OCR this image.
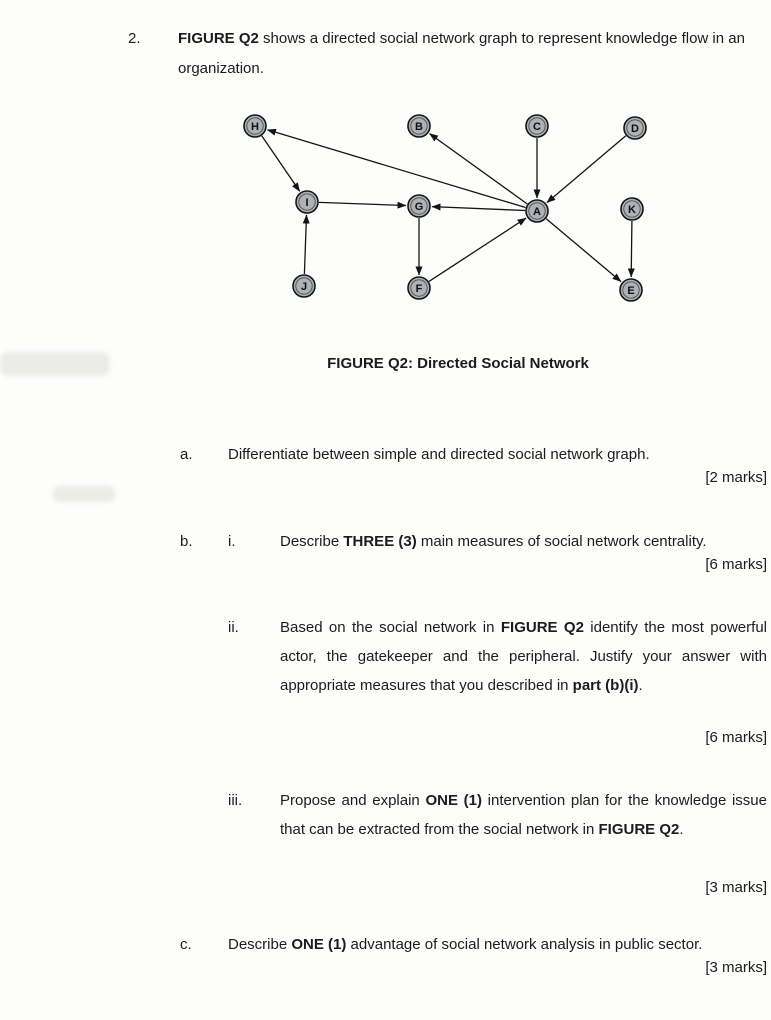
2. FIGURE Q2 shows a directed social network graph to represent knowledge flow in an organization.
H	B	C	D
I	G	A	K
J	F	E
FIGURE Q2: Directed Social Network
a. Differentiate between simple and directed social network graph.
[2 marks]
b. i.	Describe THREE (3) main measures of social network centrality.
[6 marks]
ii.	Based on the social network in FIGURE Q2 identify the most powerful actor, the gatekeeper and the peripheral. Justify your answer with appropriate measures that you described in part (b)(i).
[6 marks]
iii.	Propose and explain ONE (1) intervention plan for the knowledge issue that can be extracted from the social network in FIGURE Q2.
[3 marks]
c. Describe ONE (1) advantage of social network analysis in public sector.
[3 marks]
